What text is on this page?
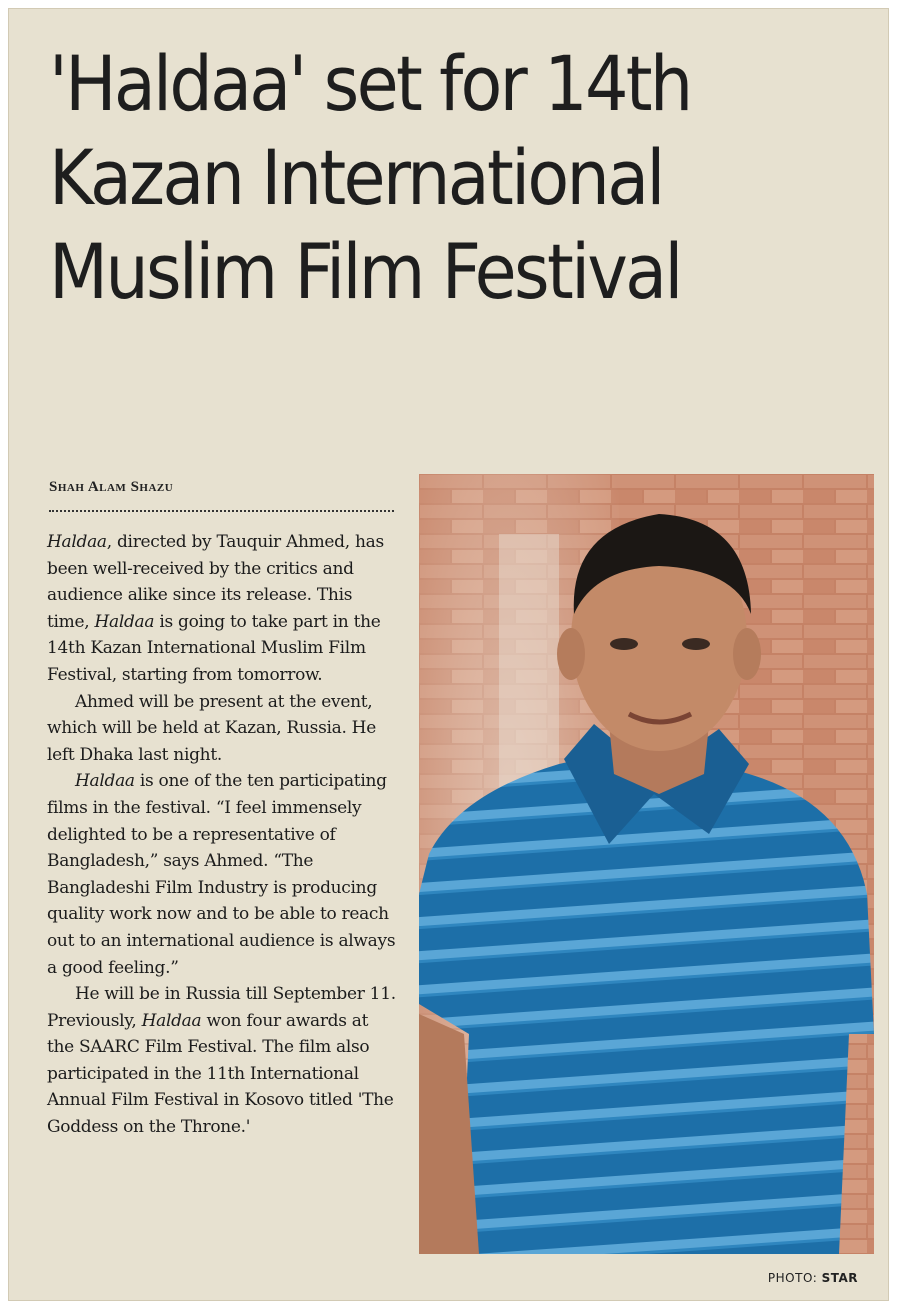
'Haldaa' set for 14th Kazan International Muslim Film Festival
Shah Alam Shazu

Haldaa, directed by Tauquir Ahmed, has been well-received by the critics and audience alike since its release. This time, Haldaa is going to take part in the 14th Kazan International Muslim Film Festival, starting from tomorrow.

Ahmed will be present at the event, which will be held at Kazan, Russia. He left Dhaka last night.

Haldaa is one of the ten participating films in the festival. “I feel immensely delighted to be a representative of Bangladesh,” says Ahmed. “The Bangladeshi Film Industry is producing quality work now and to be able to reach out to an international audience is always a good feeling.”

He will be in Russia till September 11. Previously, Haldaa won four awards at the SAARC Film Festival. The film also participated in the 11th International Annual Film Festival in Kosovo titled 'The Goddess on the Throne.'

PHOTO: STAR
